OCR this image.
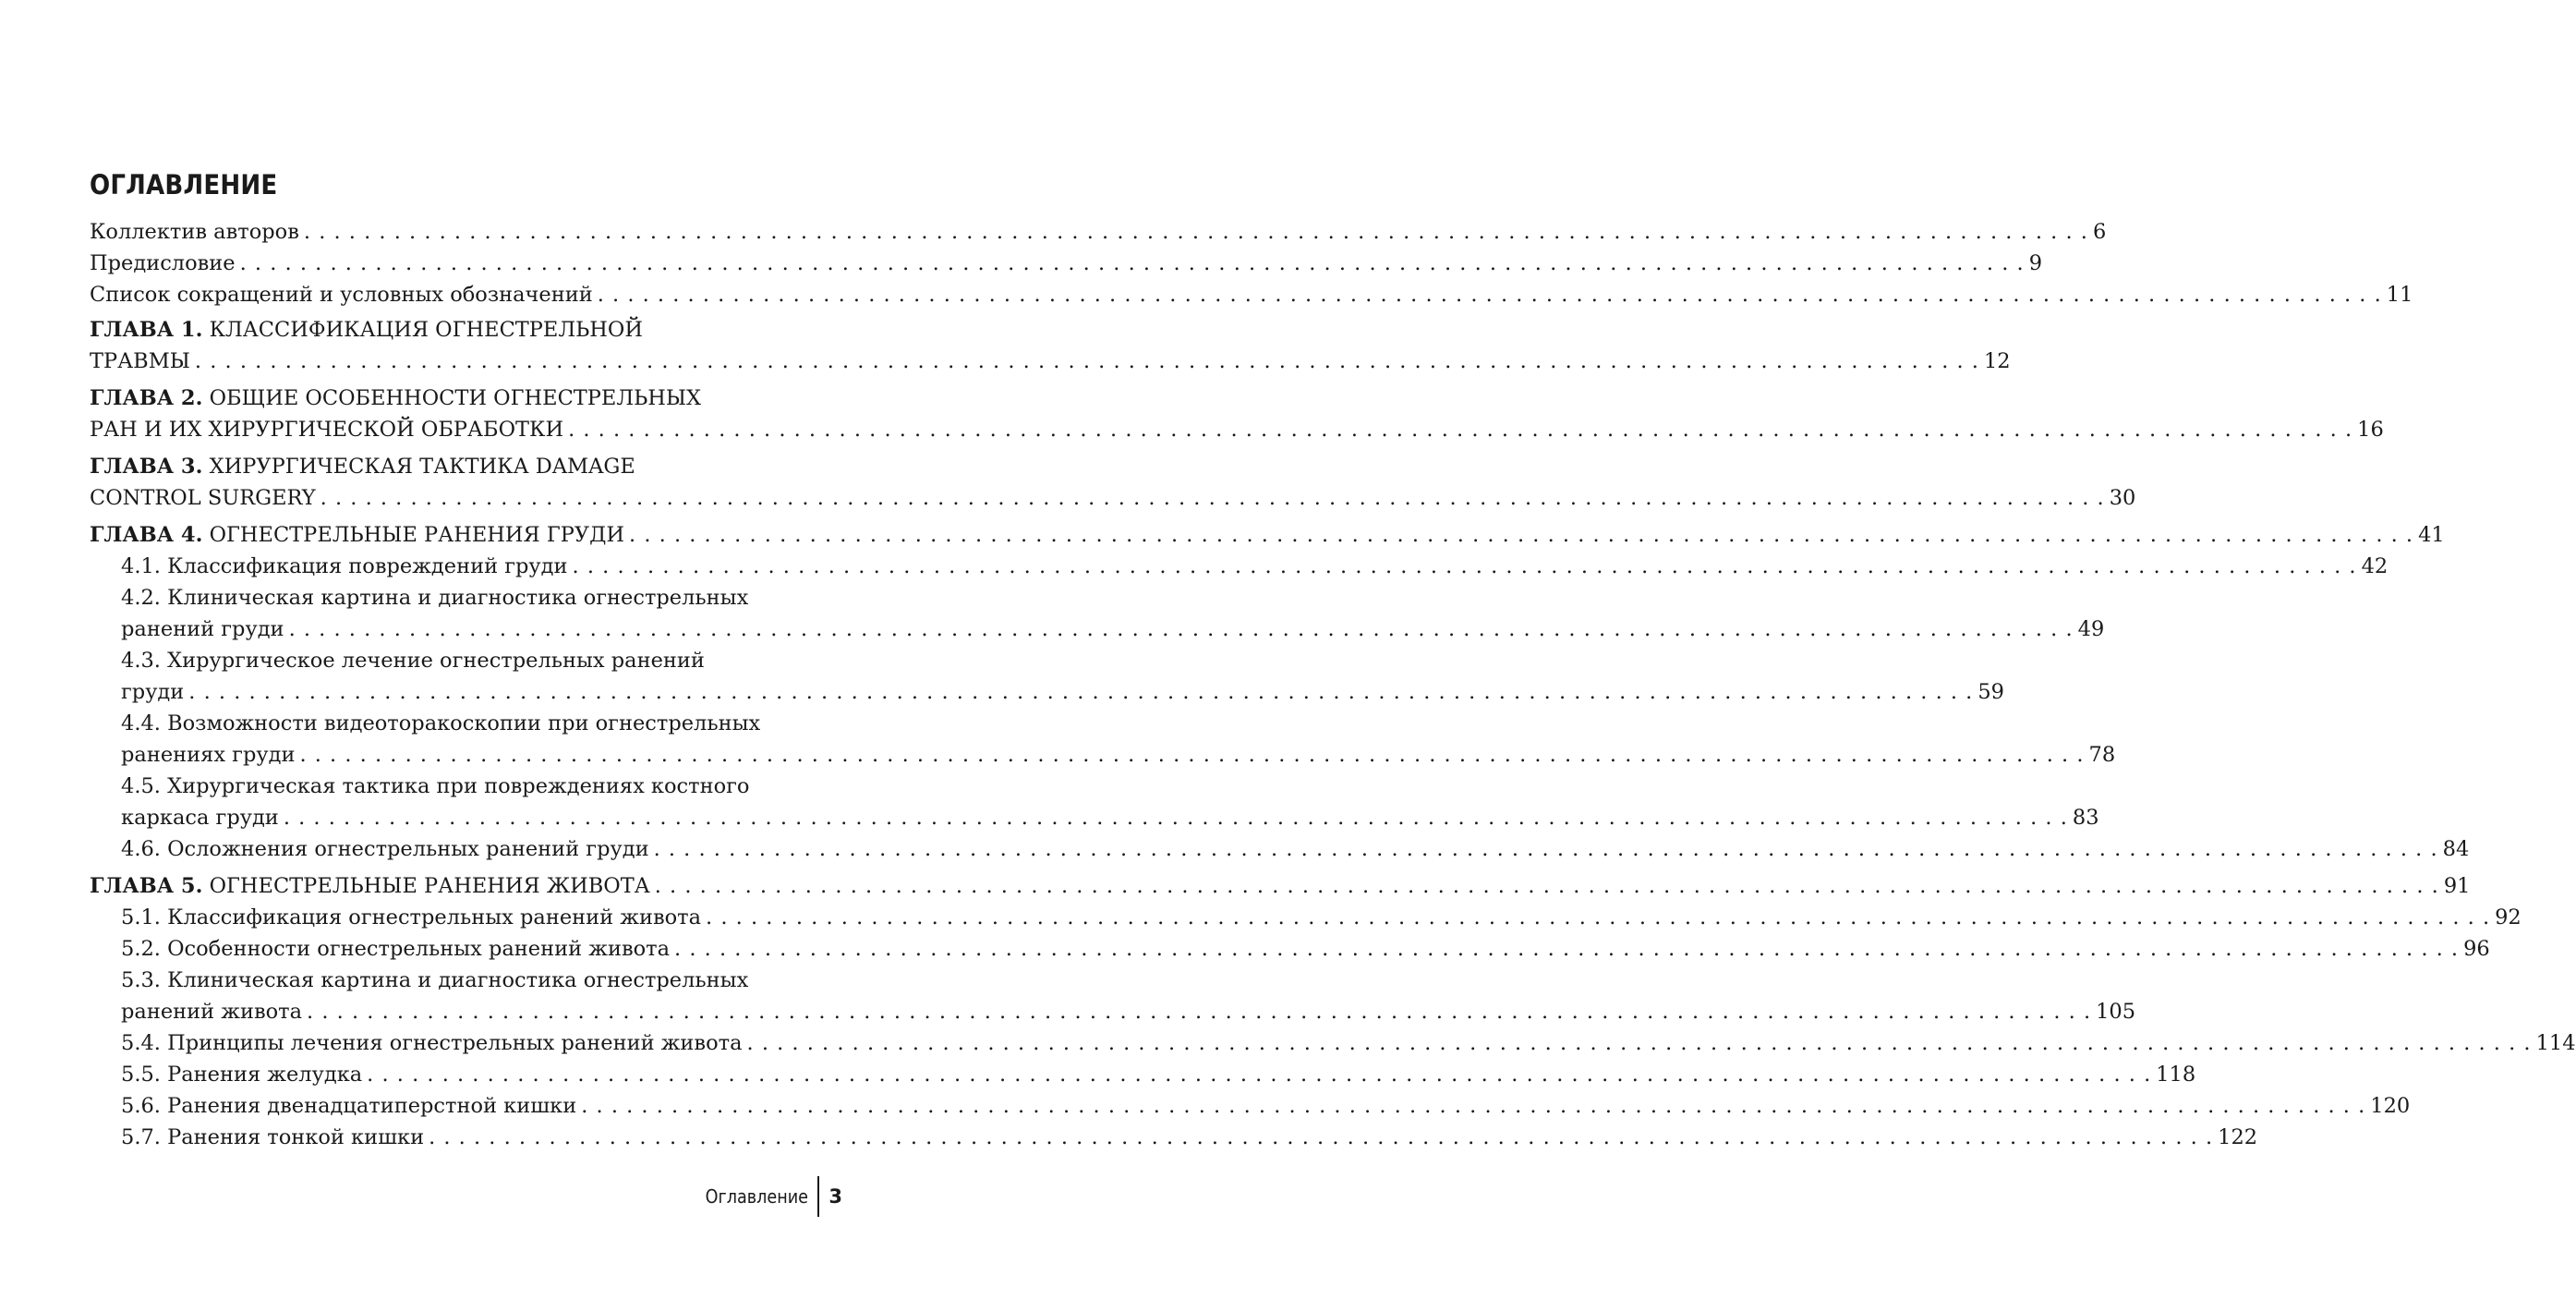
ОГЛАВЛЕНИЕ
Коллектив авторов . . .	6
Предисловие . . .	9
Список сокращений и условных обозначений . . .	11
ГЛАВА 1. КЛАССИФИКАЦИЯ ОГНЕСТРЕЛЬНОЙ
ТРАВМЫ . . .	12
ГЛАВА 2. ОБЩИЕ ОСОБЕННОСТИ ОГНЕСТРЕЛЬНЫХ
РАН И ИХ ХИРУРГИЧЕСКОЙ ОБРАБОТКИ . . .	16
ГЛАВА 3. ХИРУРГИЧЕСКАЯ ТАКТИКА DAMAGE
CONTROL SURGERY . . .	30
ГЛАВА 4. ОГНЕСТРЕЛЬНЫЕ РАНЕНИЯ ГРУДИ . . .	41
4.1. Классификация повреждений груди . . .	42
4.2. Клиническая картина и диагностика огнестрельных
ранений груди . . .	49
4.3. Хирургическое лечение огнестрельных ранений
груди . . .	59
4.4. Возможности видеоторакоскопии при огнестрельных
ранениях груди . . .	78
4.5. Хирургическая тактика при повреждениях костного
каркаса груди . . .	83
4.6. Осложнения огнестрельных ранений груди . . .	84
ГЛАВА 5. ОГНЕСТРЕЛЬНЫЕ РАНЕНИЯ ЖИВОТА . . .	91
5.1. Классификация огнестрельных ранений живота . . .	92
5.2. Особенности огнестрельных ранений живота . . .	96
5.3. Клиническая картина и диагностика огнестрельных
ранений живота . . .	105
5.4. Принципы лечения огнестрельных ранений живота . . .	114
5.5. Ранения желудка . . .	118
5.6. Ранения двенадцатиперстной кишки . . .	120
5.7. Ранения тонкой кишки . . .	122
Оглавление	3
